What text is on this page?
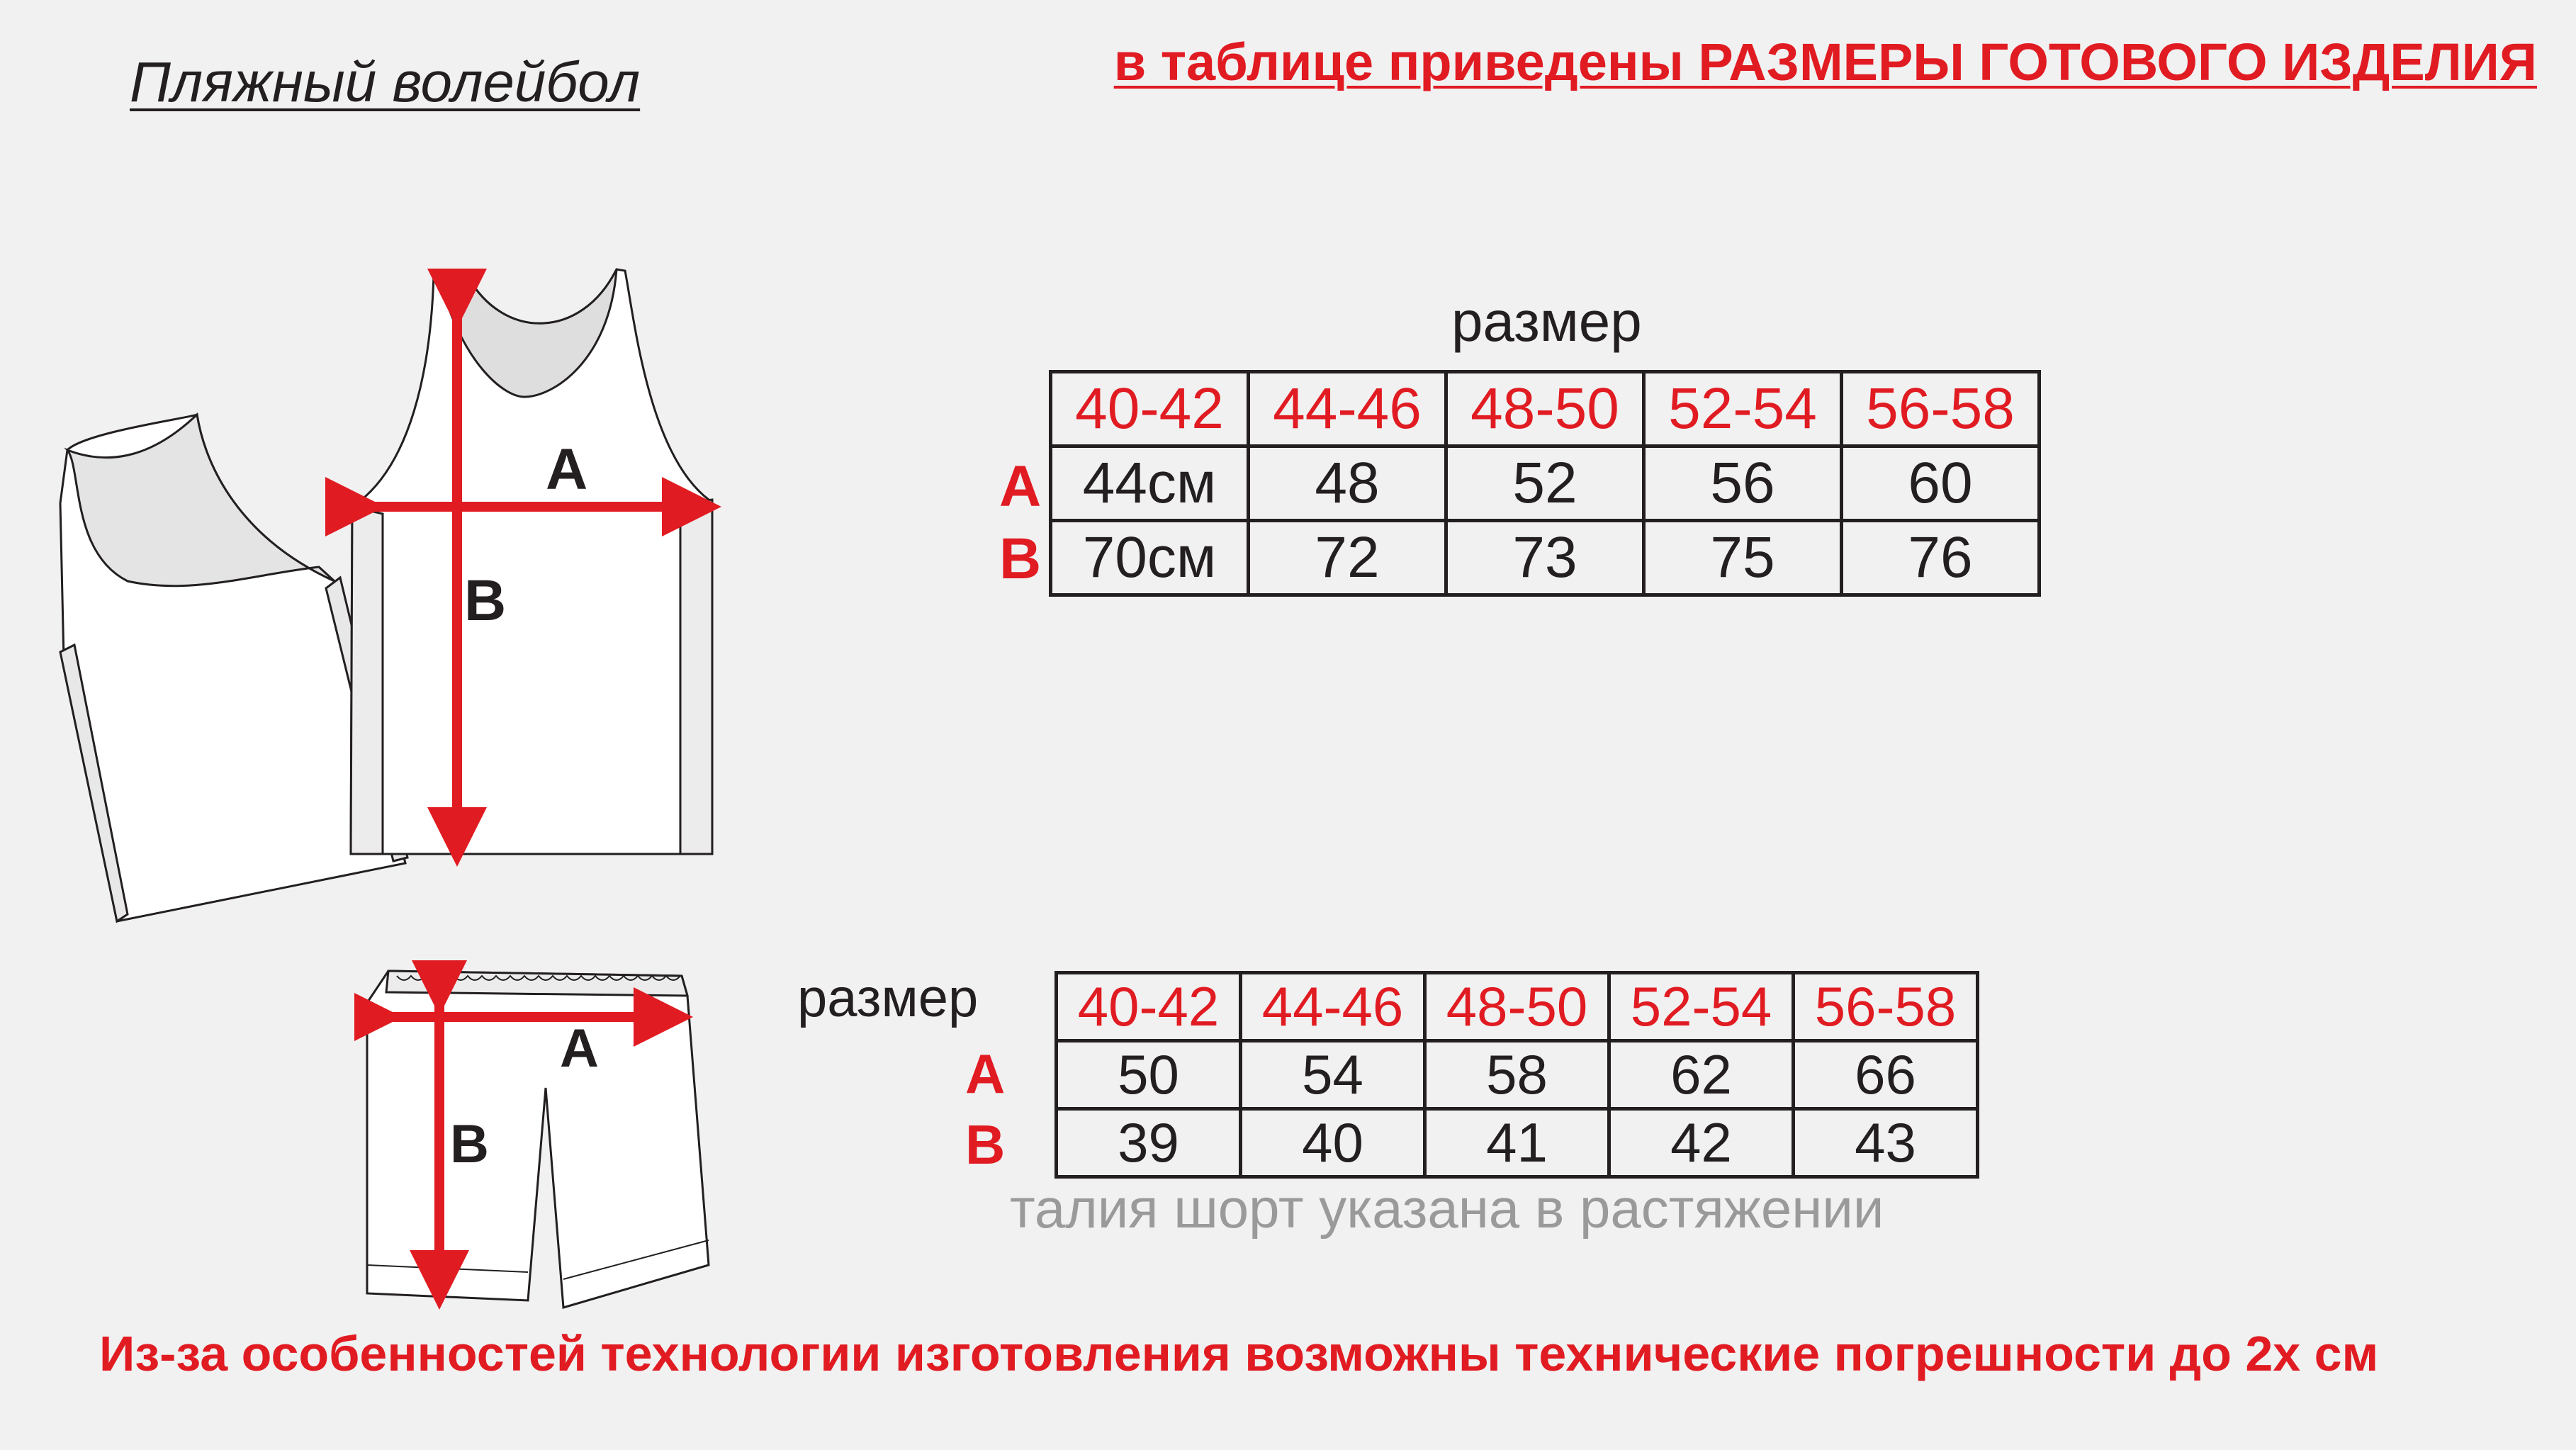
Пляжный волейбол	в таблице приведены РАЗМЕРЫ ГОТОВОГО ИЗДЕЛИЯ
A
B
A
B
размер
A
B
40-42	44-46	48-50	52-54	56-58
44см	48	52	56	60
70см	72	73	75	76
размер
A
B
40-42	44-46	48-50	52-54	56-58
50	54	58	62	66
39	40	41	42	43
талия шорт указана в растяжении
Из-за особенностей технологии изготовления возможны технические погрешности до 2х см
